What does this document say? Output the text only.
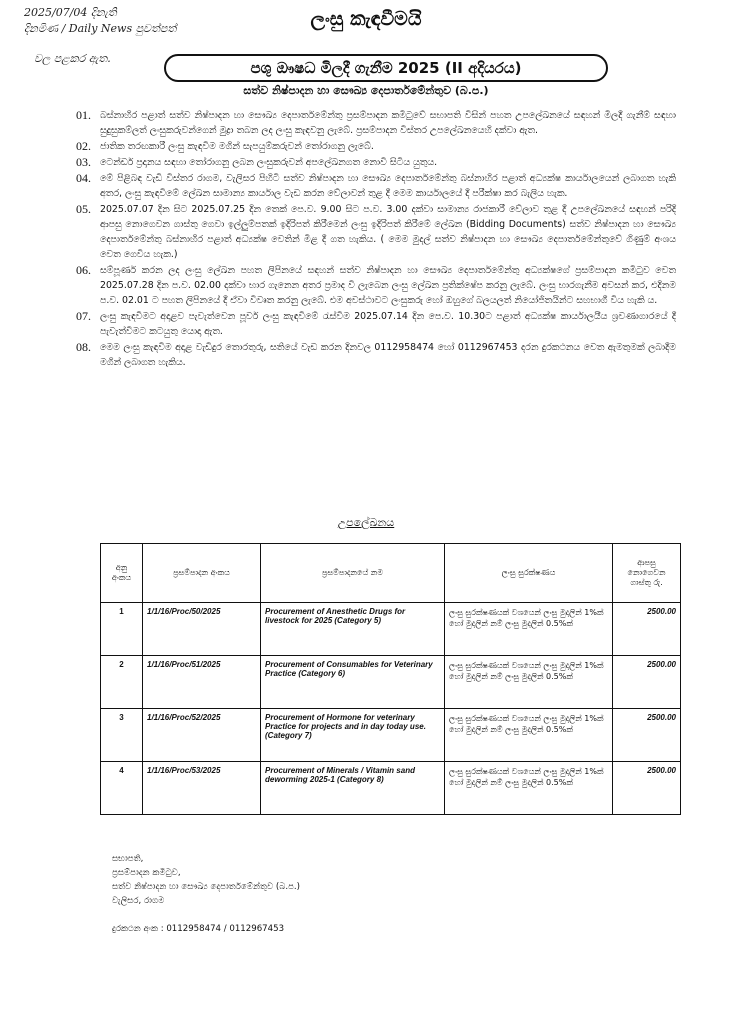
2025/07/04 දිනැති
දිනමිණ / Daily News පුවත්පත්
වල පළකර ඇත.
ලංසු කැඳවීමයි
පශු ඖෂධ මිලදී ගැනීම 2025 (II අදියරය)
සත්ව නිෂ්පාදන හා සෞඛ්‍ය දෙපාර්තමේන්තුව (බ.ප.)
01. බස්නාහිර පළාත් සත්ව නිෂ්පාදන හා සෞඛ්‍ය දෙපාර්තමේන්තු ප්‍රසම්පාදන කමිටුවේ සභාපති විසින් පහත උපලේඛනයේ සඳහන් මිලදී ගැනීම් සඳහා සුදුසුකම්ලත් ලංසුකරුවන්ගෙන් මුද්‍රා තබන ලද ලංසු කැඳවනු ලැබේ. ප්‍රසම්පාදන විස්තර උපලේඛනයෙහි දක්වා ඇත.
02. ජාතික තරඟකාරී ලංසු කැඳවීම මගින් සැපයුම්කරුවන් තෝරාගනු ලැබේ.
03. ටෙන්ඩර් ප්‍රදානය සඳහා තෝරාගනු ලබන ලංසුකරුවන් අපලේඛනගත නොවී සිටිය යුතුය.
04. මේ පිළිබඳ වැඩි විස්තර රාගම, වැලිසර පිහිටි සත්ව නිෂ්පාදන හා සෞඛ්‍ය දෙපාර්තමේන්තු බස්නාහිර පළාත් අධ්‍යක්ෂ කාර්යාලයෙන් ලබාගත හැකි අතර, ලංසු කැඳවීමේ ලේඛන සාමාන්‍ය කාර්යාල වැඩ කරන වේලාවන් තුළ දී මෙම කාර්යාලයේ දී පරීක්ෂා කර බැලිය හැක.
05. 2025.07.07 දින සිට 2025.07.25 දින තෙක් පෙ.ව. 9.00 සිට ප.ව. 3.00 දක්වා සාමාන්‍ය රාජකාරී වේලාව තුළ දී උපලේඛනයේ සඳහන් පරිදි ආපසු නොගෙවන ගාස්තු ගෙවා ඉල්ලුම්පතක් ඉදිරිපත් කිරීමෙන් ලංසු ඉදිරිපත් කිරීමේ ලේඛන (Bidding Documents) සත්ව නිෂ්පාදන හා සෞඛ්‍ය දෙපාර්තමේන්තු බස්නාහිර පළාත් අධ්‍යක්ෂ වෙතින් මිළ දී ගත හැකිය. ( මෙම මුදල් සත්ව නිෂ්පාදන හා සෞඛ්‍ය දෙපාර්තමේන්තුවේ ගිණුම් අංශය වෙත ගෙවිය හැක.)
06. සම්පූර්ණ කරන ලද ලංසු ලේඛන පහත ලිපිනයේ සඳහන් සත්ව නිෂ්පාදන හා සෞඛ්‍ය දෙපාර්තමේන්තු අධ්‍යක්ෂගේ ප්‍රසම්පාදන කමිටුව වෙත 2025.07.28 දින ප.ව. 02.00 දක්වා භාර ගැනෙන අතර ප්‍රමාද වී ලැබෙන ලංසු ලේඛන ප්‍රතික්ෂේප කරනු ලැබේ. ලංසු භාරගැනීම අවසන් කර, එදිනම ප.ව. 02.01 ට පහත ලිපිනයේ දී ඒවා විවෘත කරනු ලැබේ. එම අවස්ථාවට ලංසුකරු හෝ ඔහුගේ බලයලත් නියෝජිතයින්ට සහභාගී විය හැකි ය.
07. ලංසු කැඳවීමට අදාළව පැවැත්වෙන පූර්ව ලංසු කැඳවීමේ රැස්වීම 2025.07.14 දින පෙ.ව. 10.30ට පළාත් අධ්‍යක්ෂ කාර්යාලයීය ශ්‍රවණාගාරයේ දී පැවැත්වීමට කටයුතු යොදා ඇත.
08. මෙම ලංසු කැඳවීම අදාළ වැඩිදුර තොරතුරු, සතියේ වැඩ කරන දිනවල 0112958474 හෝ 0112967453 දරන දුරකථනය වෙත ඇමතුමක් ලබාදීම මගින් ලබාගත හැකිය.
උපලේඛනය
අනු අංකය	ප්‍රසම්පාදන අංකය	ප්‍රසම්පාදනයේ නම	ලංසු සුරක්ෂණය	ආපසු නොගෙවන ගාස්තු රු.
1	1/1/16/Proc/50/2025	Procurement of Anesthetic Drugs for livestock for 2025 (Category 5)	ලංසු සුරක්ෂණයක් වශයෙන් ලංසු මුදලින් 1%ක් හෝ මුදලින් නම් ලංසු මුදලින් 0.5%ක්	2500.00
2	1/1/16/Proc/51/2025	Procurement of Consumables for Veterinary Practice (Category 6)	ලංසු සුරක්ෂණයක් වශයෙන් ලංසු මුදලින් 1%ක් හෝ මුදලින් නම් ලංසු මුදලින් 0.5%ක්	2500.00
3	1/1/16/Proc/52/2025	Procurement of Hormone for veterinary Practice for projects and in day today use. (Category 7)	ලංසු සුරක්ෂණයක් වශයෙන් ලංසු මුදලින් 1%ක් හෝ මුදලින් නම් ලංසු මුදලින් 0.5%ක්	2500.00
4	1/1/16/Proc/53/2025	Procurement of Minerals / Vitamin sand deworming 2025-1 (Category 8)	ලංසු සුරක්ෂණයක් වශයෙන් ලංසු මුදලින් 1%ක් හෝ මුදලින් නම් ලංසු මුදලින් 0.5%ක්	2500.00
සභාපති,
ප්‍රසම්පාදන කමිටුව,
සත්ව නිෂ්පාදන හා සෞඛ්‍ය දෙපාර්තමේන්තුව (බ.ප.)
වැලිසර, රාගම
දුරකථන අංක : 0112958474 / 0112967453
